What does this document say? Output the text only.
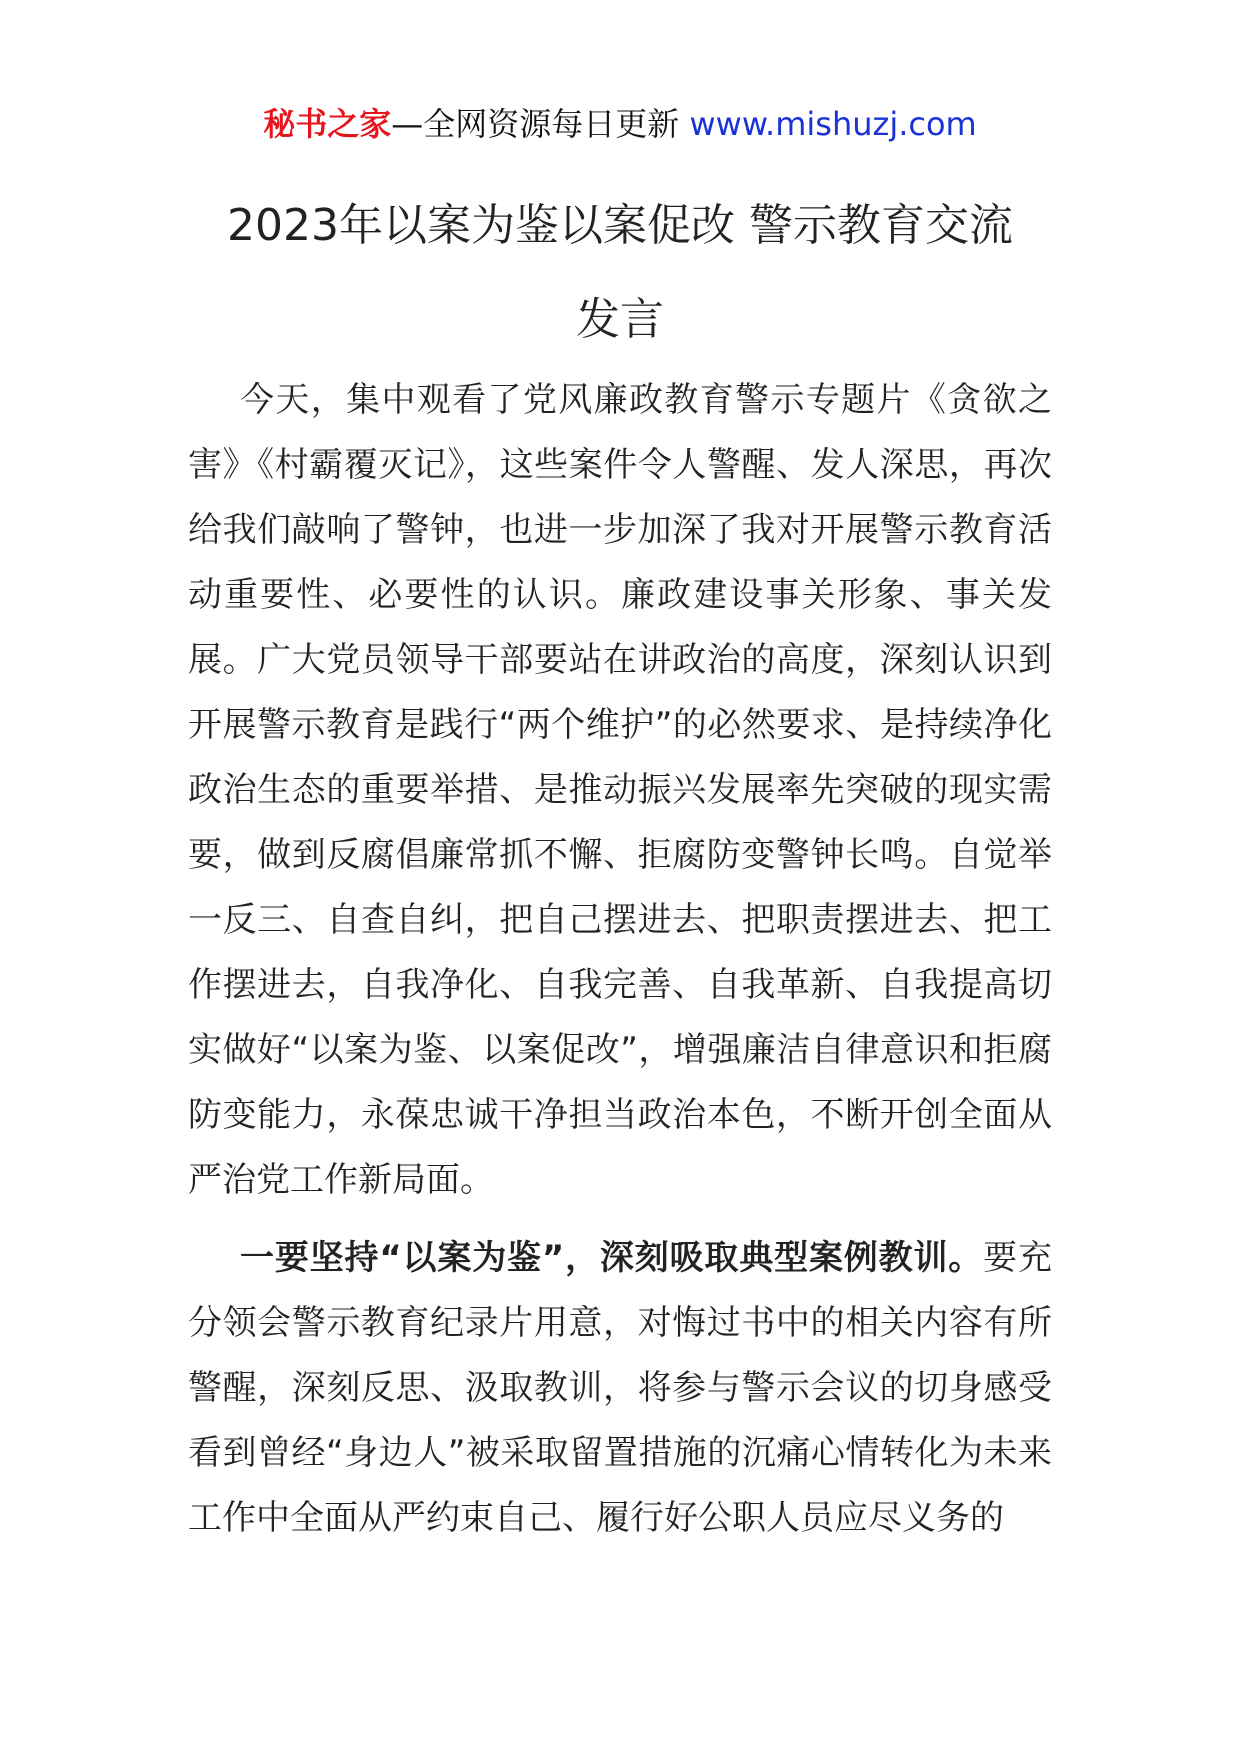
秘书之家—全网资源每日更新 www.mishuzj.com
2023年以案为鉴以案促改 警示教育交流
发言

今天，集中观看了党风廉政教育警示专题片《贪欲之害》《村霸覆灭记》，这些案件令人警醒、发人深思，再次给我们敲响了警钟，也进一步加深了我对开展警示教育活动重要性、必要性的认识。廉政建设事关形象、事关发展。广大党员领导干部要站在讲政治的高度，深刻认识到开展警示教育是践行“两个维护”的必然要求、是持续净化政治生态的重要举措、是推动振兴发展率先突破的现实需要，做到反腐倡廉常抓不懈、拒腐防变警钟长鸣。自觉举一反三、自查自纠，把自己摆进去、把职责摆进去、把工作摆进去，自我净化、自我完善、自我革新、自我提高切实做好“以案为鉴、以案促改”，增强廉洁自律意识和拒腐防变能力，永葆忠诚干净担当政治本色，不断开创全面从严治党工作新局面。

一要坚持“以案为鉴”，深刻吸取典型案例教训。要充分领会警示教育纪录片用意，对悔过书中的相关内容有所警醒，深刻反思、汲取教训，将参与警示会议的切身感受看到曾经“身边人”被采取留置措施的沉痛心情转化为未来工作中全面从严约束自己、履行好公职人员应尽义务的
